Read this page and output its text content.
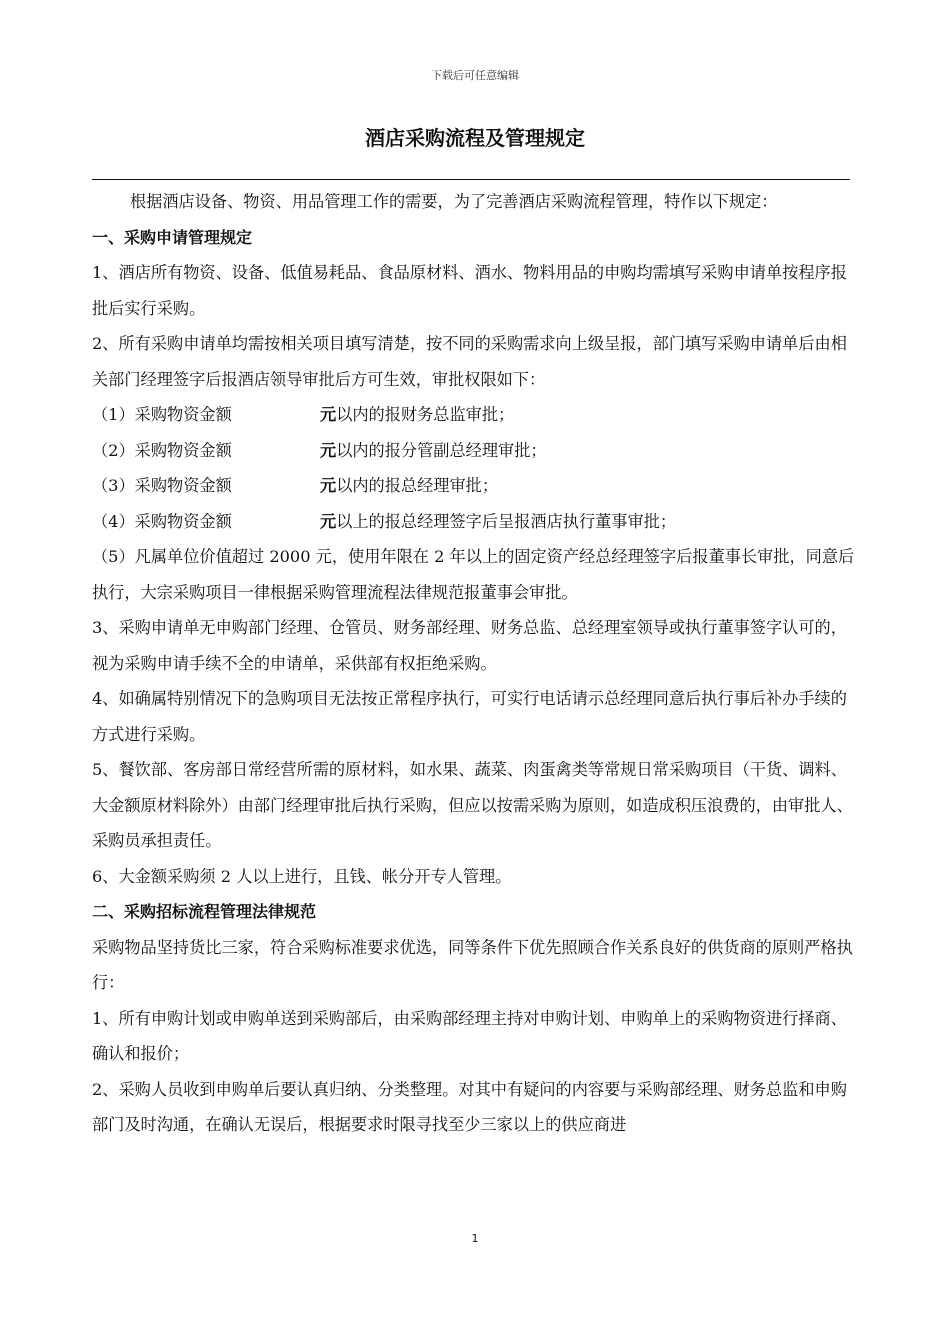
下载后可任意编辑
酒店采购流程及管理规定

根据酒店设备、物资、用品管理工作的需要，为了完善酒店采购流程管理，特作以下规定：

一、采购申请管理规定

1、酒店所有物资、设备、低值易耗品、食品原材料、酒水、物料用品的申购均需填写采购申请单按程序报批后实行采购。

2、所有采购申请单均需按相关项目填写清楚，按不同的采购需求向上级呈报，部门填写采购申请单后由相关部门经理签字后报酒店领导审批后方可生效，审批权限如下：

（1）采购物资金额	元以内的报财务总监审批；

（2）采购物资金额	元以内的报分管副总经理审批；

（3）采购物资金额	元以内的报总经理审批；

（4）采购物资金额	元以上的报总经理签字后呈报酒店执行董事审批；

（5）凡属单位价值超过 2000 元，使用年限在 2 年以上的固定资产经总经理签字后报董事长审批，同意后执行，大宗采购项目一律根据采购管理流程法律规范报董事会审批。

3、采购申请单无申购部门经理、仓管员、财务部经理、财务总监、总经理室领导或执行董事签字认可的，视为采购申请手续不全的申请单，采供部有权拒绝采购。

4、如确属特别情况下的急购项目无法按正常程序执行，可实行电话请示总经理同意后执行事后补办手续的方式进行采购。

5、餐饮部、客房部日常经营所需的原材料，如水果、蔬菜、肉蛋禽类等常规日常采购项目（干货、调料、大金额原材料除外）由部门经理审批后执行采购，但应以按需采购为原则，如造成积压浪费的，由审批人、采购员承担责任。

6、大金额采购须 2 人以上进行，且钱、帐分开专人管理。

二、采购招标流程管理法律规范

采购物品坚持货比三家，符合采购标准要求优选，同等条件下优先照顾合作关系良好的供货商的原则严格执行：

1、所有申购计划或申购单送到采购部后，由采购部经理主持对申购计划、申购单上的采购物资进行择商、确认和报价；

2、采购人员收到申购单后要认真归纳、分类整理。对其中有疑问的内容要与采购部经理、财务总监和申购部门及时沟通，在确认无误后，根据要求时限寻找至少三家以上的供应商进

1
